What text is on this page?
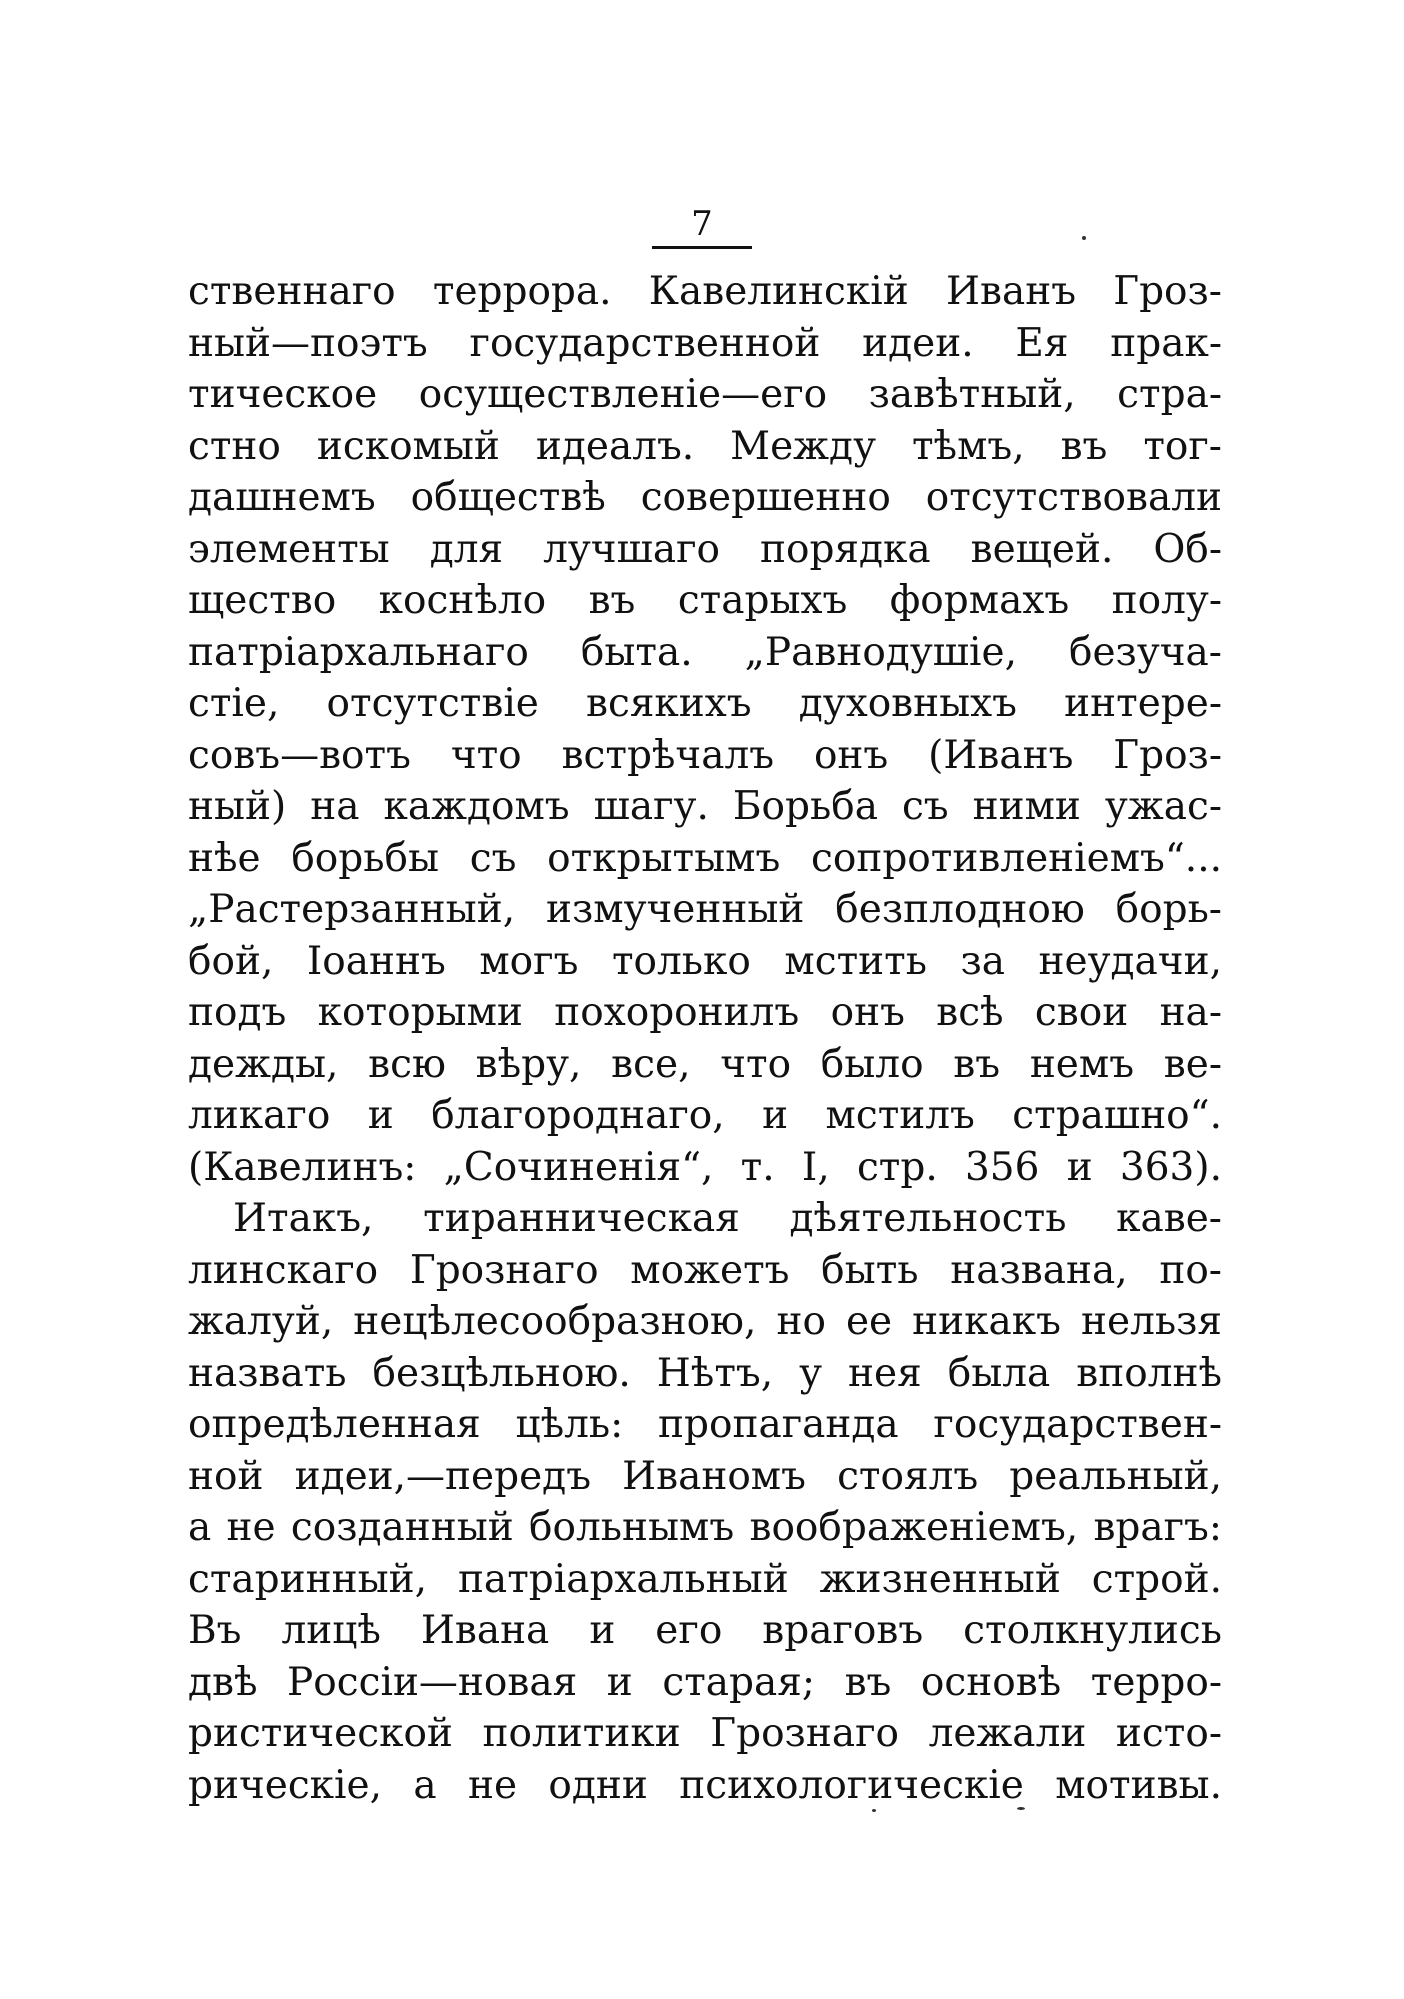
7
ственнаго террора. Кавелинскій Иванъ Гроз-
ный—поэтъ государственной идеи. Ея прак-
тическое осуществленіе—его завѣтный, стра-
стно искомый идеалъ. Между тѣмъ, въ тог-
дашнемъ обществѣ совершенно отсутствовали
элементы для лучшаго порядка вещей. Об-
щество коснѣло въ старыхъ формахъ полу-
патріархальнаго быта. „Равнодушіе, безуча-
стіе, отсутствіе всякихъ духовныхъ интере-
совъ—вотъ что встрѣчалъ онъ (Иванъ Гроз-
ный) на каждомъ шагу. Борьба съ ними ужас-
нѣе борьбы съ открытымъ сопротивленіемъ“...
„Растерзанный, измученный безплодною борь-
бой, Іоаннъ могъ только мстить за неудачи,
подъ которыми похоронилъ онъ всѣ свои на-
дежды, всю вѣру, все, что было въ немъ ве-
ликаго и благороднаго, и мстилъ страшно“.
(Кавелинъ: „Сочиненія“, т. I, стр. 356 и 363).
Итакъ, тиранническая дѣятельность каве-
линскаго Грознаго можетъ быть названа, по-
жалуй, нецѣлесообразною, но ее никакъ нельзя
назвать безцѣльною. Нѣтъ, у нея была вполнѣ
опредѣленная цѣль: пропаганда государствен-
ной идеи,—передъ Иваномъ стоялъ реальный,
а не созданный больнымъ воображеніемъ, врагъ:
старинный, патріархальный жизненный строй.
Въ лицѣ Ивана и его враговъ столкнулись
двѣ Россіи—новая и старая; въ основѣ терро-
ристической политики Грознаго лежали исто-
рическіе, а не одни психологическіе мотивы.
